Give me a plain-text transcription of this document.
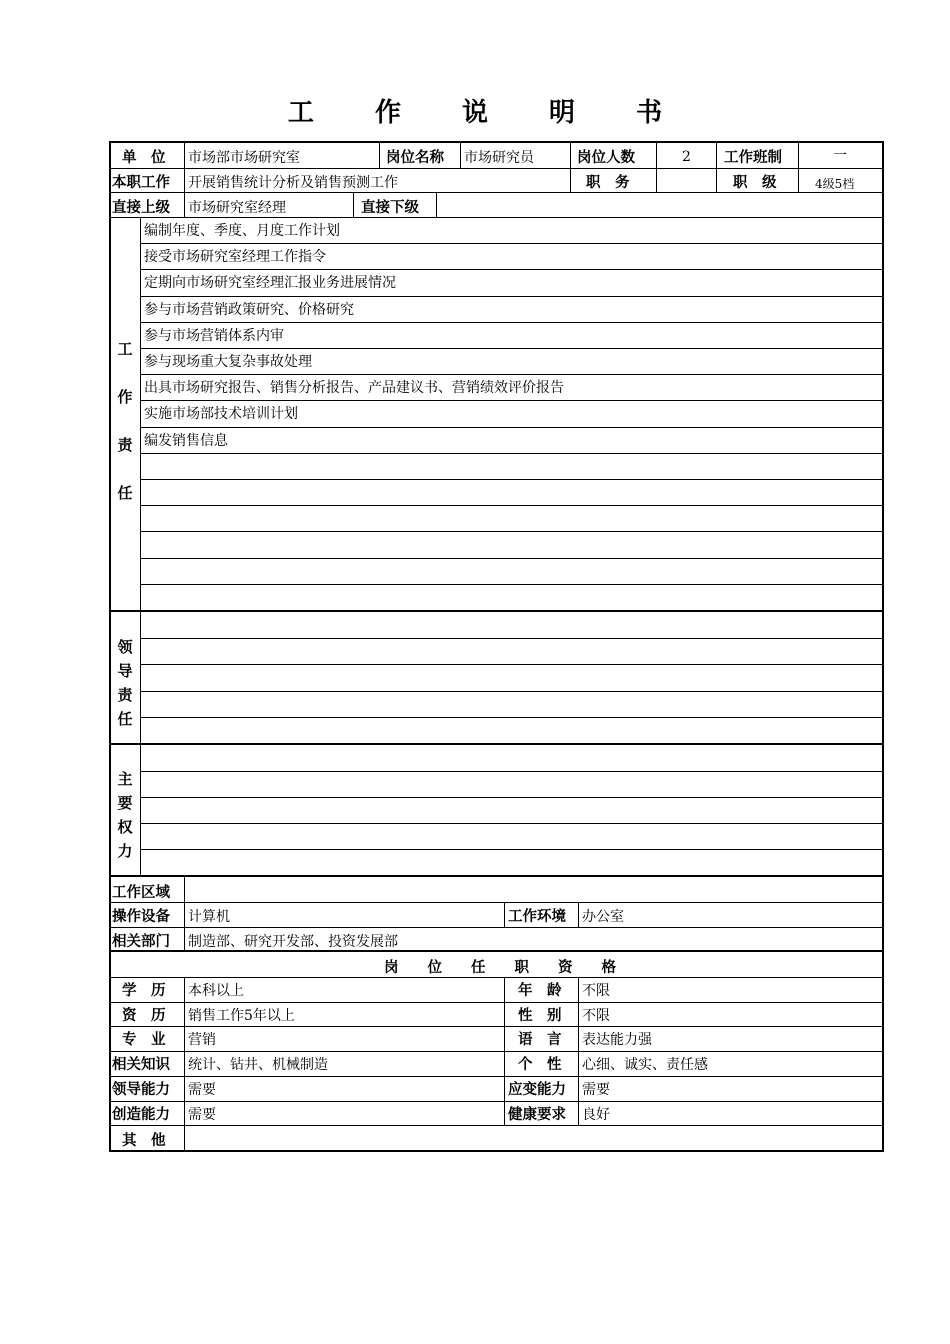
工 作 说 明 书
单　位 市场部市场研究室	岗位名称 市场研究员	岗位人数	2 工作班制	一
本职工作 开展销售统计分析及销售预测工作	职　务	职　级	4级5档
直接上级 市场研究室经理	直接下级
编制年度、季度、月度工作计划
接受市场研究室经理工作指令
定期向市场研究室经理汇报业务进展情况
参与市场营销政策研究、价格研究
参与市场营销体系内审
参与现场重大复杂事故处理
出具市场研究报告、销售分析报告、产品建议书、营销绩效评价报告
实施市场部技术培训计划
编发销售信息
工
作
责
任
领
导
责
任
主
要
权
力
工作区域
操作设备 计算机	工作环境 办公室
相关部门 制造部、研究开发部、投资发展部
岗　　位　　任　　职　　资　　格
学　历 本科以上	年　龄 不限
资　历 销售工作5年以上	性　别 不限
专　业 营销	语　言 表达能力强
相关知识 统计、钻井、机械制造	个　性 心细、诚实、责任感
领导能力 需要	应变能力 需要
创造能力 需要	健康要求 良好
其　他
